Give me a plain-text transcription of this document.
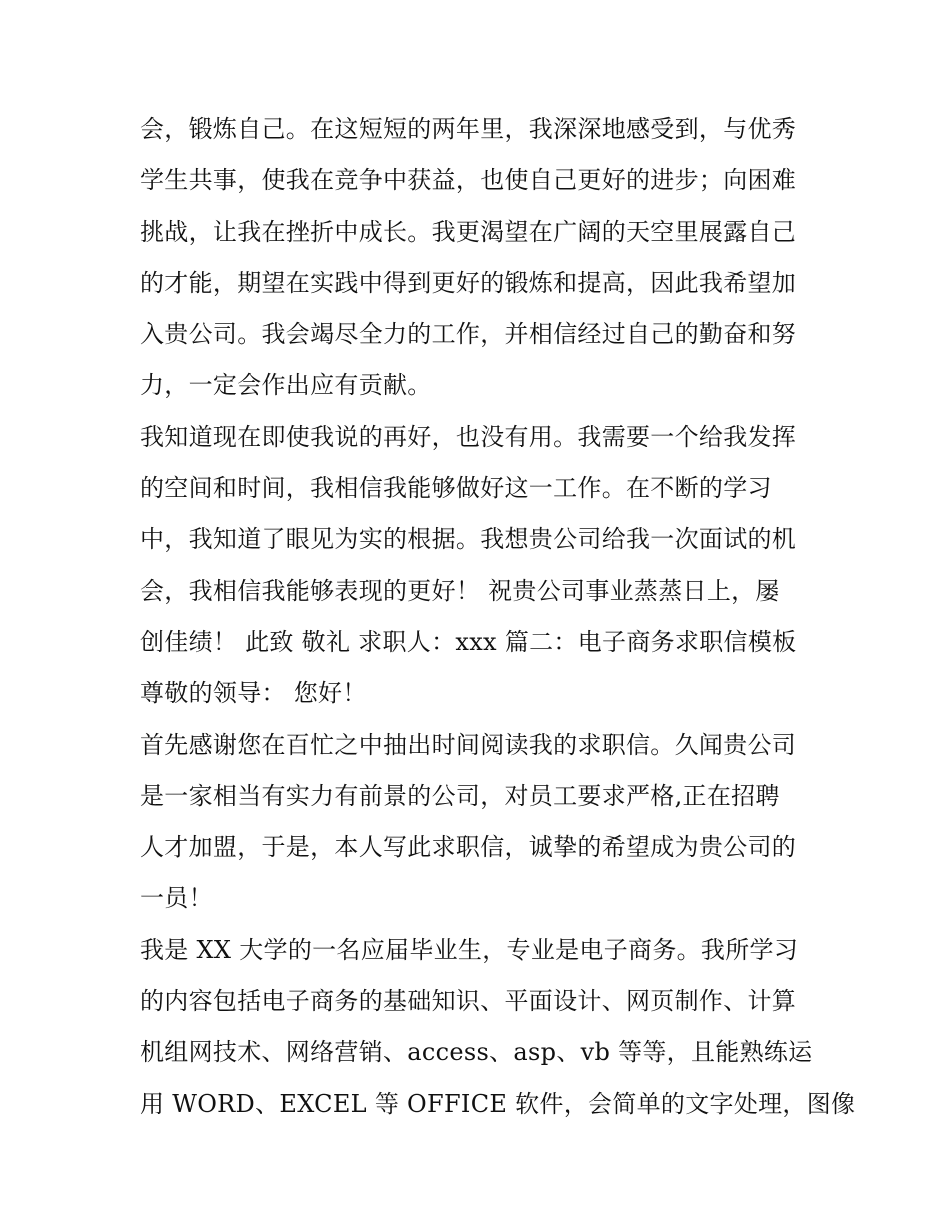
会，锻炼自己。在这短短的两年里，我深深地感受到，与优秀
学生共事，使我在竞争中获益，也使自己更好的进步；向困难
挑战，让我在挫折中成长。我更渴望在广阔的天空里展露自己
的才能，期望在实践中得到更好的锻炼和提高，因此我希望加
入贵公司。我会竭尽全力的工作，并相信经过自己的勤奋和努
力，一定会作出应有贡献。
我知道现在即使我说的再好，也没有用。我需要一个给我发挥
的空间和时间，我相信我能够做好这一工作。在不断的学习
中，我知道了眼见为实的根据。我想贵公司给我一次面试的机
会，我相信我能够表现的更好！ 祝贵公司事业蒸蒸日上，屡
创佳绩！ 此致 敬礼 求职人：xxx 篇二：电子商务求职信模板
尊敬的领导： 您好！
首先感谢您在百忙之中抽出时间阅读我的求职信。久闻贵公司
是一家相当有实力有前景的公司，对员工要求严格,正在招聘
人才加盟，于是，本人写此求职信，诚挚的希望成为贵公司的
一员！
我是 XX 大学的一名应届毕业生，专业是电子商务。我所学习
的内容包括电子商务的基础知识、平面设计、网页制作、计算
机组网技术、网络营销、access、asp、vb 等等，且能熟练运
用 WORD、EXCEL 等 OFFICE 软件，会简单的文字处理，图像
